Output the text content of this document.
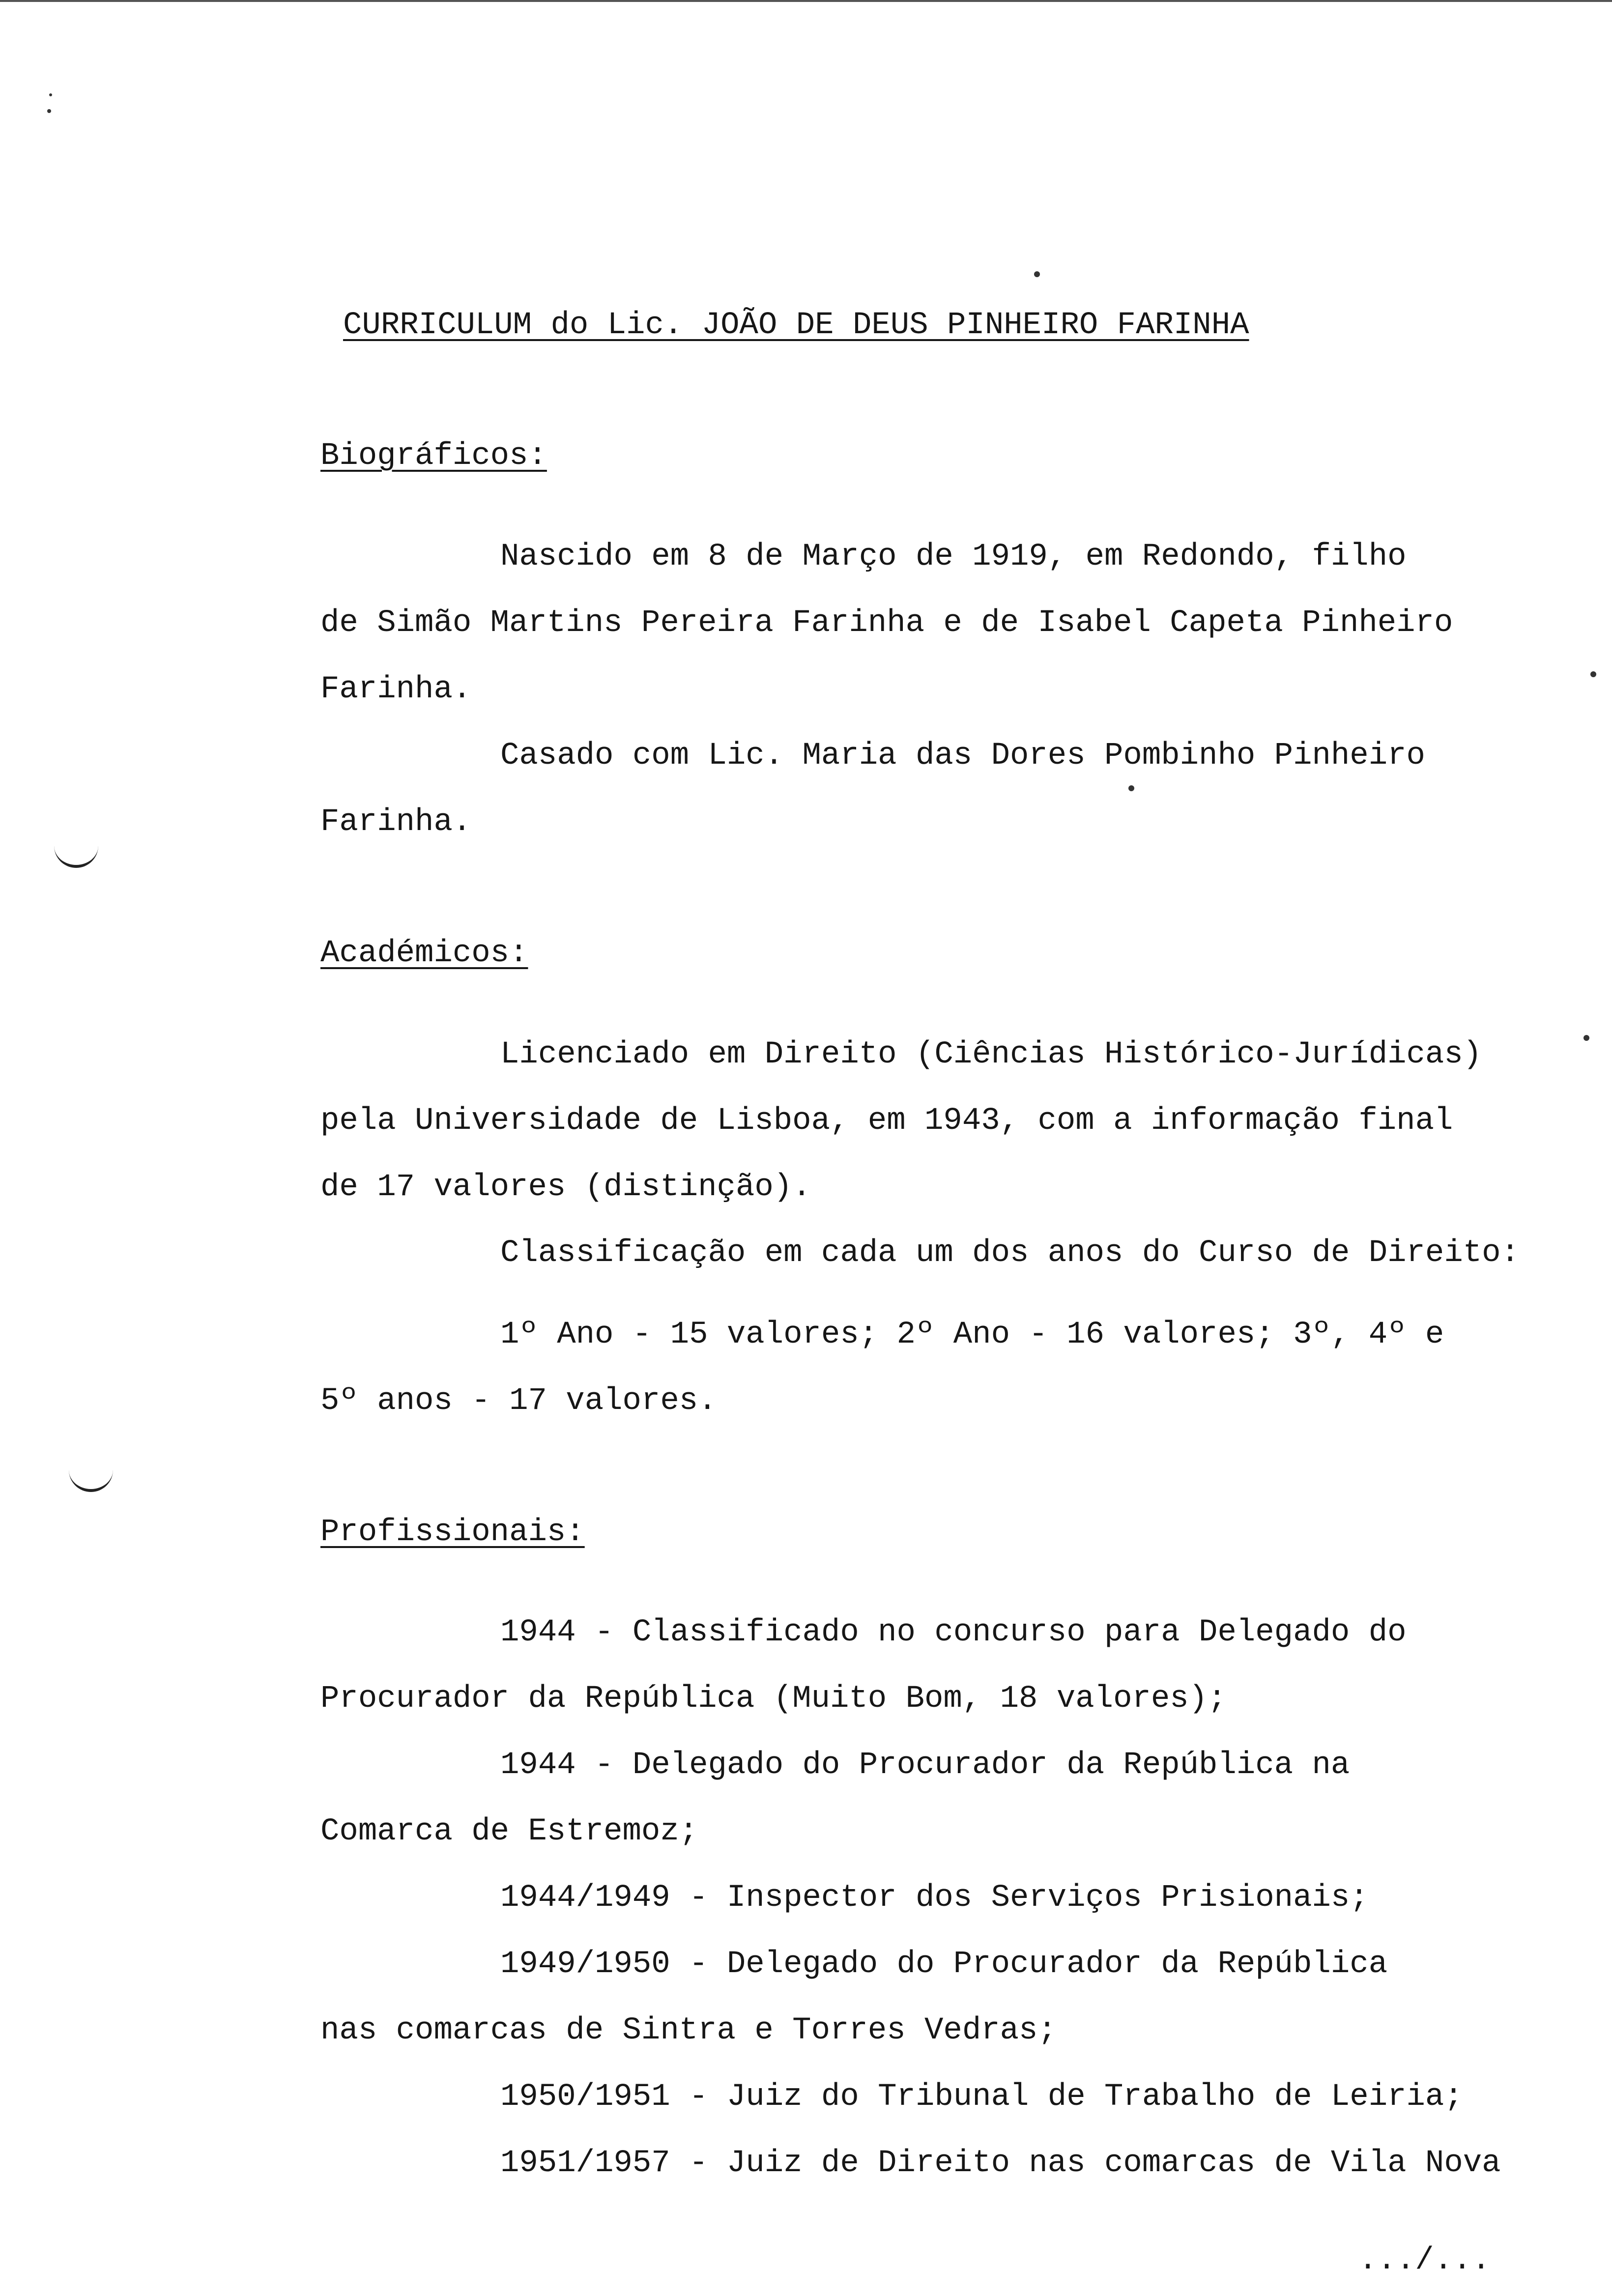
CURRICULUM do Lic. JOÃO DE DEUS PINHEIRO FARINHA
Biográficos:
Nascido em 8 de Março de 1919, em Redondo, filho
de Simão Martins Pereira Farinha e de Isabel Capeta Pinheiro
Farinha.
Casado com Lic. Maria das Dores Pombinho Pinheiro
Farinha.
Académicos:
Licenciado em Direito (Ciências Histórico-Jurídicas)
pela Universidade de Lisboa, em 1943, com a informação final
de 17 valores (distinção).
Classificação em cada um dos anos do Curso de Direito:
1º Ano - 15 valores; 2º Ano - 16 valores; 3º, 4º e
5º anos - 17 valores.
Profissionais:
1944 - Classificado no concurso para Delegado do
Procurador da República (Muito Bom, 18 valores);
1944 - Delegado do Procurador da República na
Comarca de Estremoz;
1944/1949 - Inspector dos Serviços Prisionais;
1949/1950 - Delegado do Procurador da República
nas comarcas de Sintra e Torres Vedras;
1950/1951 - Juiz do Tribunal de Trabalho de Leiria;
1951/1957 - Juiz de Direito nas comarcas de Vila Nova
.../...
